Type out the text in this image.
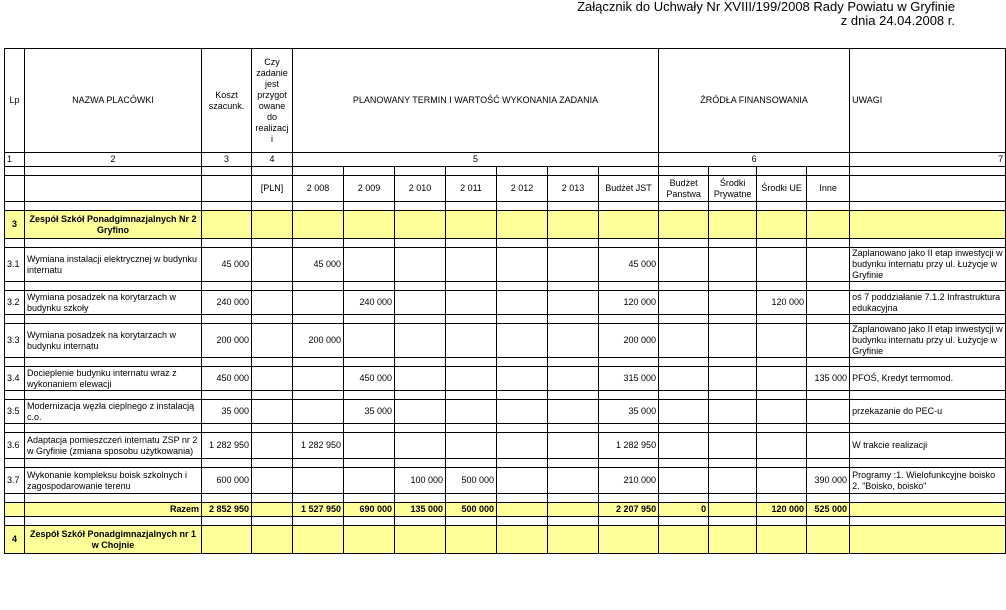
Załącznik do Uchwały Nr XVIII/199/2008 Rady Powiatu w Gryfinie
z dnia 24.04.2008 r.
Lp	NAZWA PLACÓWKI	Koszt szacunk.	Czy zadanie jest przygot owane do realizacj i	PLANOWANY TERMIN I WARTOŚĆ WYKONANIA ZADANIA							ŹRÓDŁA FINANSOWANIA				UWAGI
1	2	3	4	5							6				7

			[PLN]	2 008	2 009	2 010	2 011	2 012	2 013	Budżet JST	Budżet Panstwa	Środki Prywatne	Środki UE	Inne	

3	Zespół Szkół Ponadgimnazjalnych Nr 2 Gryfino														

3.1	Wymiana instalacji elektrycznej w budynku internatu	45 000		45 000						45 000					Zaplanowano jako II etap inwestycji w budynku internatu przy ul. Łużycje w Gryfinie

3.2	Wymiana posadzek na korytarzach w budynku szkoły	240 000			240 000					120 000			120 000		oś 7 poddziałanie 7.1.2 Infrastruktura edukacyjna

3.3	Wymiana posadzek na korytarzach w budynku internatu	200 000		200 000						200 000					Zaplanowano jako II etap inwestycji w budynku internatu przy ul. Łużycje w Gryfinie

3.4	Docieplenie budynku internatu wraz z wykonaniem elewacji	450 000			450 000					315 000				135 000	PFOŚ, Kredyt termomod.

3.5	Modernizacja węzła cieplnego z instalacją c.o.	35 000			35 000					35 000					przekazanie do PEC-u

3.6	Adaptacja pomieszczeń internatu ZSP nr 2 w Gryfinie (zmiana sposobu użytkowania)	1 282 950		1 282 950						1 282 950					W trakcie realizacji

3.7	Wykonanie kompleksu boisk szkolnych i zagospodarowanie terenu	600 000				100 000	500 000			210 000				390 000	Programy :1. Wielofunkcyjne boisko 2. "Boisko, boisko"

	Razem	2 852 950		1 527 950	690 000	135 000	500 000			2 207 950	0		120 000	525 000	

4	Zespół Szkół Ponadgimnazjalnych nr 1 w Chojnie														
